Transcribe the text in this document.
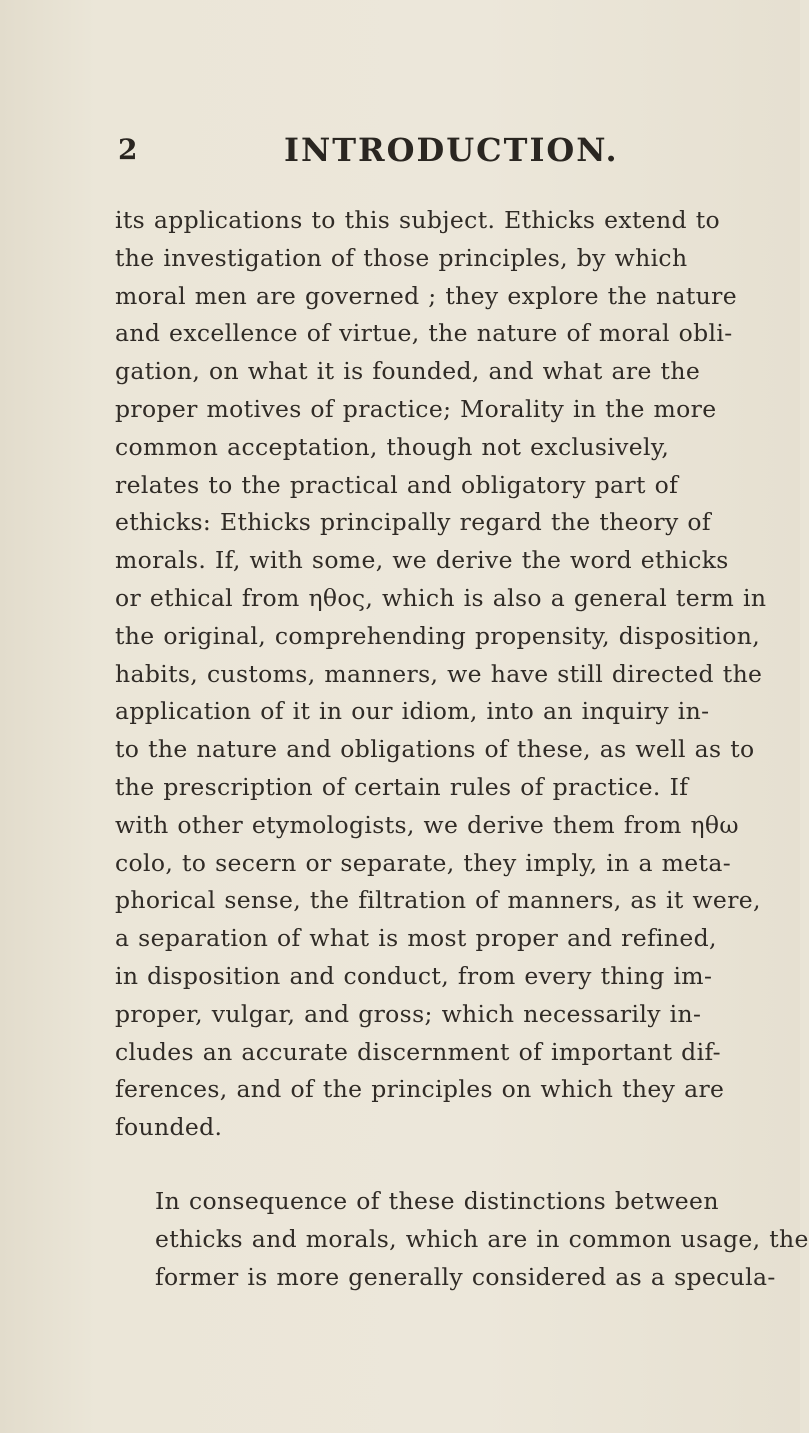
2	INTRODUCTION.

its applications to this subject. Ethicks extend to
the investigation of those principles, by which
moral men are governed ; they explore the nature
and excellence of virtue, the nature of moral obli-
gation, on what it is founded, and what are the
proper motives of practice; Morality in the more
common acceptation, though not exclusively,
relates to the practical and obligatory part of
ethicks: Ethicks principally regard the theory of
morals. If, with some, we derive the word ethicks
or ethical from ηθος, which is also a general term in
the original, comprehending propensity, disposition,
habits, customs, manners, we have still directed the
application of it in our idiom, into an inquiry in-
to the nature and obligations of these, as well as to
the prescription of certain rules of practice. If
with other etymologists, we derive them from ηθω
colo, to secern or separate, they imply, in a meta-
phorical sense, the filtration of manners, as it were,
a separation of what is most proper and refined,
in disposition and conduct, from every thing im-
proper, vulgar, and gross; which necessarily in-
cludes an accurate discernment of important dif-
ferences, and of the principles on which they are
founded.

In consequence of these distinctions between
ethicks and morals, which are in common usage, the
former is more generally considered as a specula-
